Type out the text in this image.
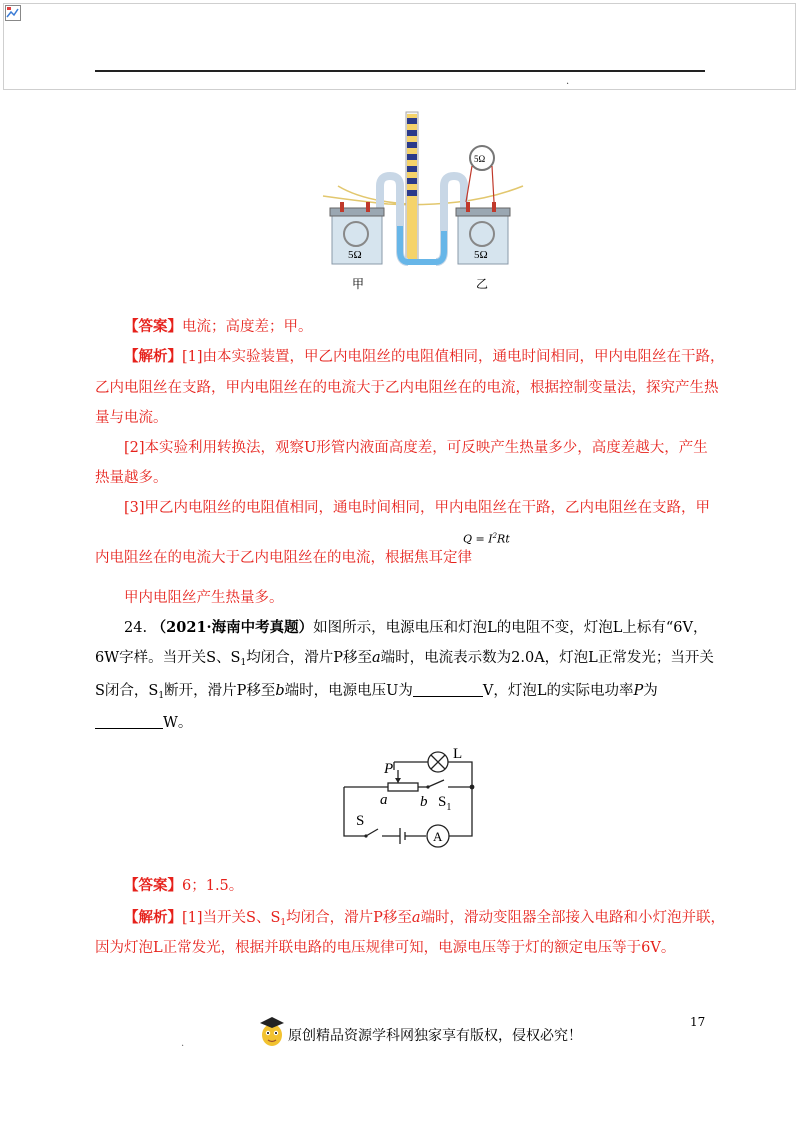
.
5Ω	5Ω
5Ω
甲	乙
【答案】电流；高度差；甲。
【解析】[1]由本实验装置，甲乙内电阻丝的电阻值相同，通电时间相同，甲内电阻丝在干路，
乙内电阻丝在支路，甲内电阻丝在的电流大于乙内电阻丝在的电流，根据控制变量法，探究产生热
量与电流。
[2]本实验利用转换法，观察U形管内液面高度差，可反映产生热量多少，高度差越大，产生
热量越多。
[3]甲乙内电阻丝的电阻值相同，通电时间相同，甲内电阻丝在干路，乙内电阻丝在支路，甲
内电阻丝在的电流大于乙内电阻丝在的电流，根据焦耳定律
$Q = I^2Rt$
甲内电阻丝产生热量多。
24. （2021·海南中考真题）如图所示，电源电压和灯泡L的电阻不变，灯泡L上标有“6V，
6W字样。当开关S、$S_1$均闭合，滑片P移至a端时，电流表示数为2.0A，灯泡L正常发光；当开关
S闭合，$S_1$断开，滑片P移至b端时，电源电压U为	V，灯泡L的实际电功率P为
W。
L
P
a b $S_1$
S
A
【答案】6；1.5。
【解析】[1]当开关S、$S_1$均闭合，滑片P移至a端时，滑动变阻器全部接入电路和小灯泡并联，
因为灯泡L正常发光，根据并联电路的电压规律可知，电源电压等于灯的额定电压等于6V。
17
.	原创精品资源学科网独家享有版权，侵权必究！
